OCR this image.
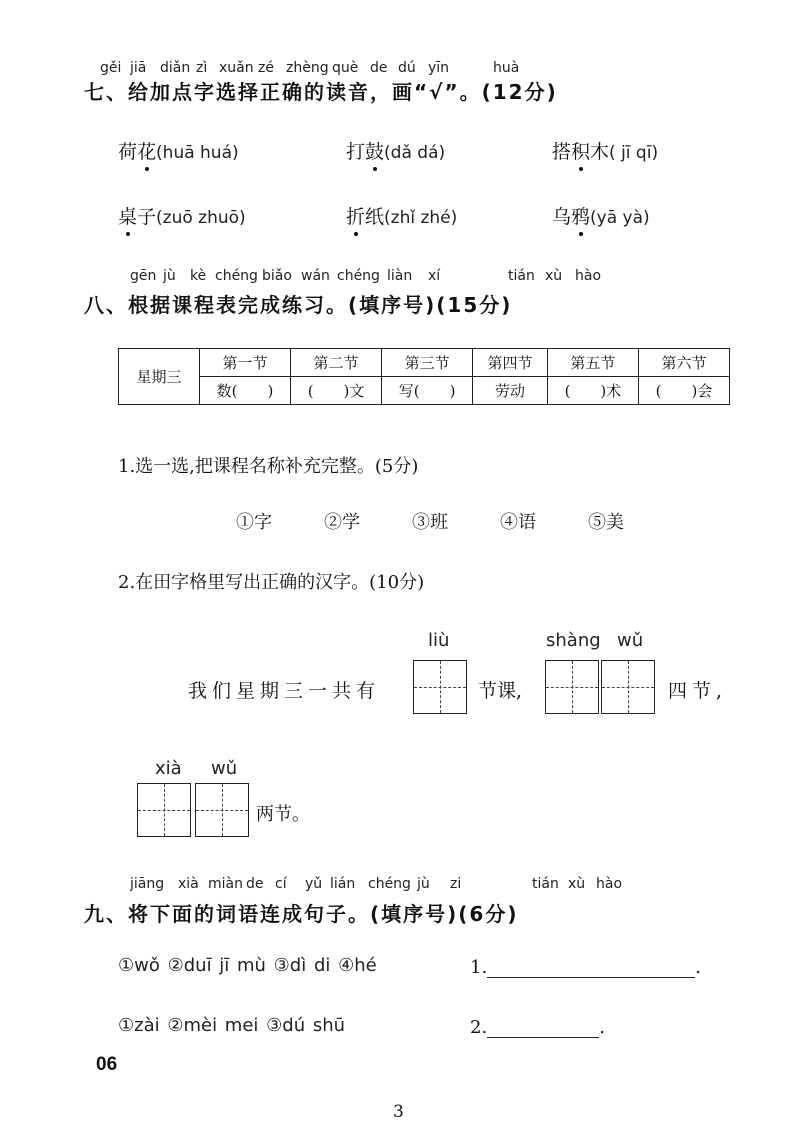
gěi jiā diǎn zì xuǎn zé zhèng què de dú yīn	huà
七、给加点字选择正确的读音，画“√”。(12分)
荷花(huā huá)	打鼓(dǎ dá)	搭积木( jī qī)
桌子(zuō zhuō)	折纸(zhǐ zhé)	乌鸦(yā yà)
gēn jù kè chéng biǎo wán chéng liàn xí	tián xù hào
八、根据课程表完成练习。(填序号)(15分)
星期三	第一节	第二节	第三节	第四节	第五节	第六节
	数(　　)	(　　)文	写(　　)	劳动	(　　)术	(　　)会
1.选一选,把课程名称补充完整。(5分)
①字	②学	③班	④语	⑤美
2.在田字格里写出正确的汉字。(10分)
liù	shàng wǔ
我们星期三一共有	节课,	四节,
xià wǔ
两节。
jiāng xià miàn de cí yǔ lián chéng jù zi	tián xù hào
九、将下面的词语连成句子。(填序号)(6分)
①wǒ ②duī jī mù ③dì di ④hé	1.	.
①zài ②mèi mei ③dú shū	2.	.
06
3
